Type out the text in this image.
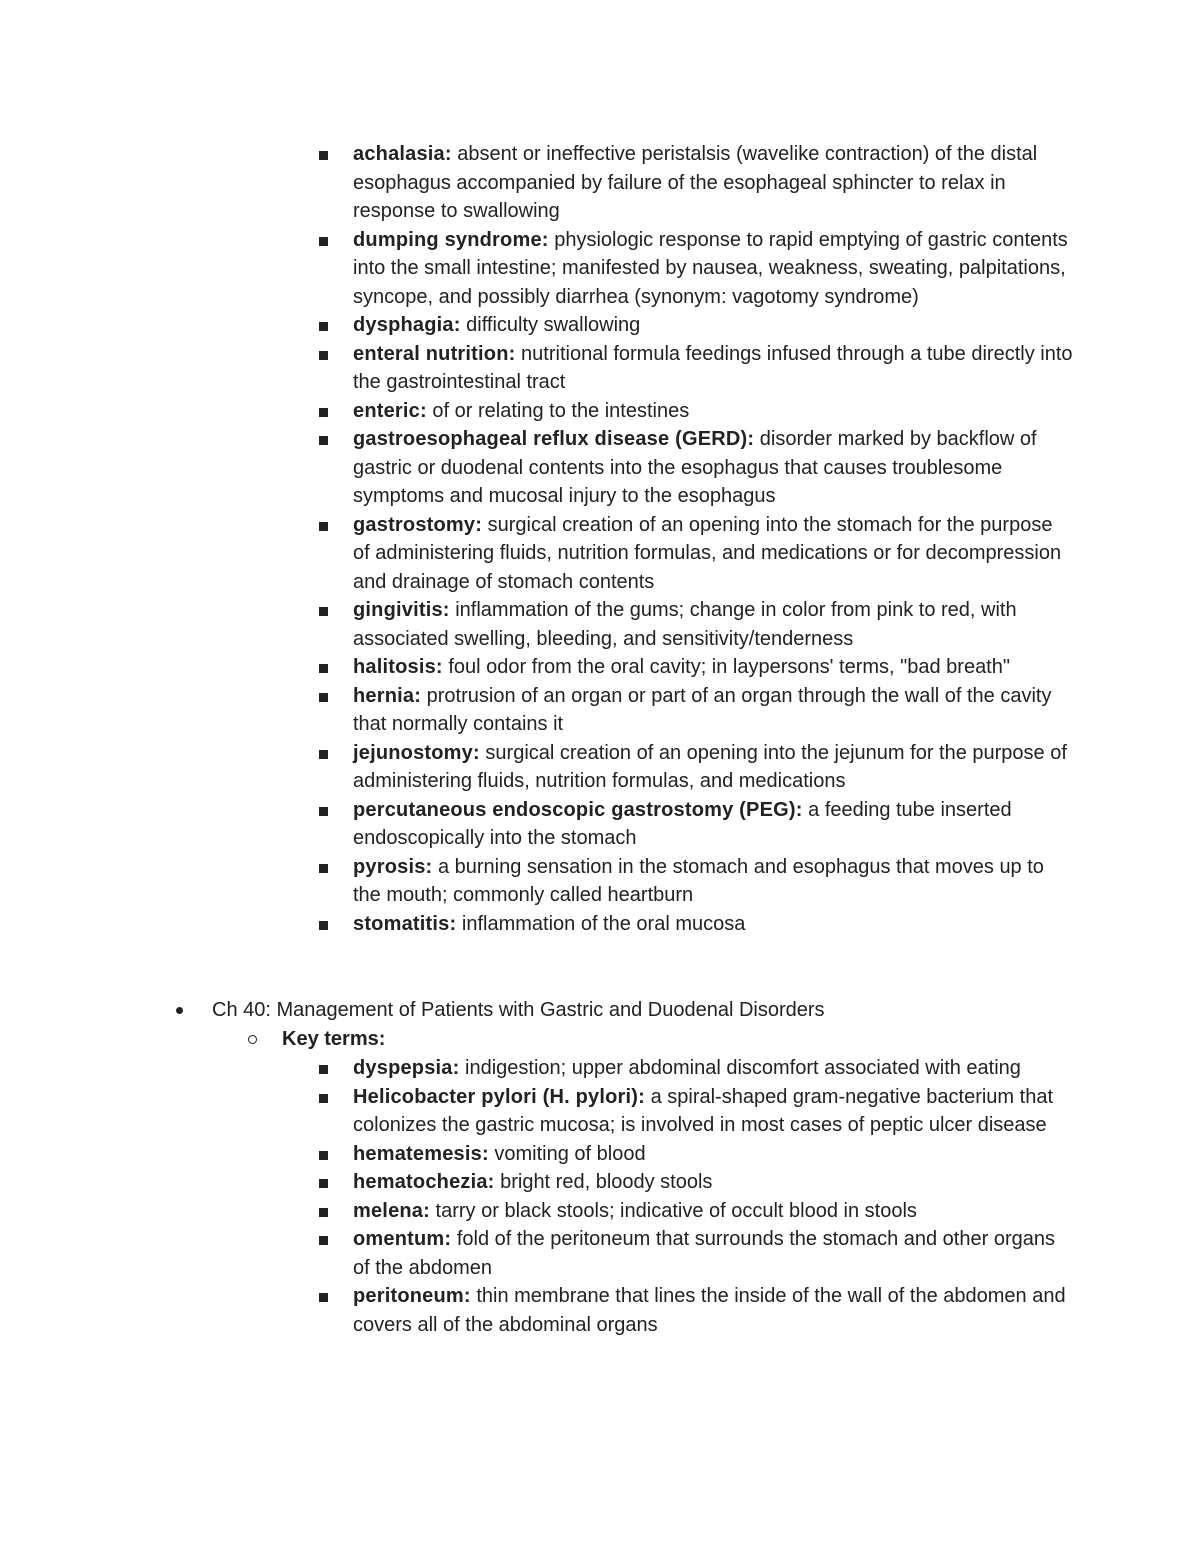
achalasia: absent or ineffective peristalsis (wavelike contraction) of the distal esophagus accompanied by failure of the esophageal sphincter to relax in response to swallowing
dumping syndrome: physiologic response to rapid emptying of gastric contents into the small intestine; manifested by nausea, weakness, sweating, palpitations, syncope, and possibly diarrhea (synonym: vagotomy syndrome)
dysphagia: difficulty swallowing
enteral nutrition: nutritional formula feedings infused through a tube directly into the gastrointestinal tract
enteric: of or relating to the intestines
gastroesophageal reflux disease (GERD): disorder marked by backflow of gastric or duodenal contents into the esophagus that causes troublesome symptoms and mucosal injury to the esophagus
gastrostomy: surgical creation of an opening into the stomach for the purpose of administering fluids, nutrition formulas, and medications or for decompression and drainage of stomach contents
gingivitis: inflammation of the gums; change in color from pink to red, with associated swelling, bleeding, and sensitivity/tenderness
halitosis: foul odor from the oral cavity; in laypersons' terms, "bad breath"
hernia: protrusion of an organ or part of an organ through the wall of the cavity that normally contains it
jejunostomy: surgical creation of an opening into the jejunum for the purpose of administering fluids, nutrition formulas, and medications
percutaneous endoscopic gastrostomy (PEG): a feeding tube inserted endoscopically into the stomach
pyrosis: a burning sensation in the stomach and esophagus that moves up to the mouth; commonly called heartburn
stomatitis: inflammation of the oral mucosa
Ch 40: Management of Patients with Gastric and Duodenal Disorders
Key terms:
dyspepsia: indigestion; upper abdominal discomfort associated with eating
Helicobacter pylori (H. pylori): a spiral-shaped gram-negative bacterium that colonizes the gastric mucosa; is involved in most cases of peptic ulcer disease
hematemesis: vomiting of blood
hematochezia: bright red, bloody stools
melena: tarry or black stools; indicative of occult blood in stools
omentum: fold of the peritoneum that surrounds the stomach and other organs of the abdomen
peritoneum: thin membrane that lines the inside of the wall of the abdomen and covers all of the abdominal organs
